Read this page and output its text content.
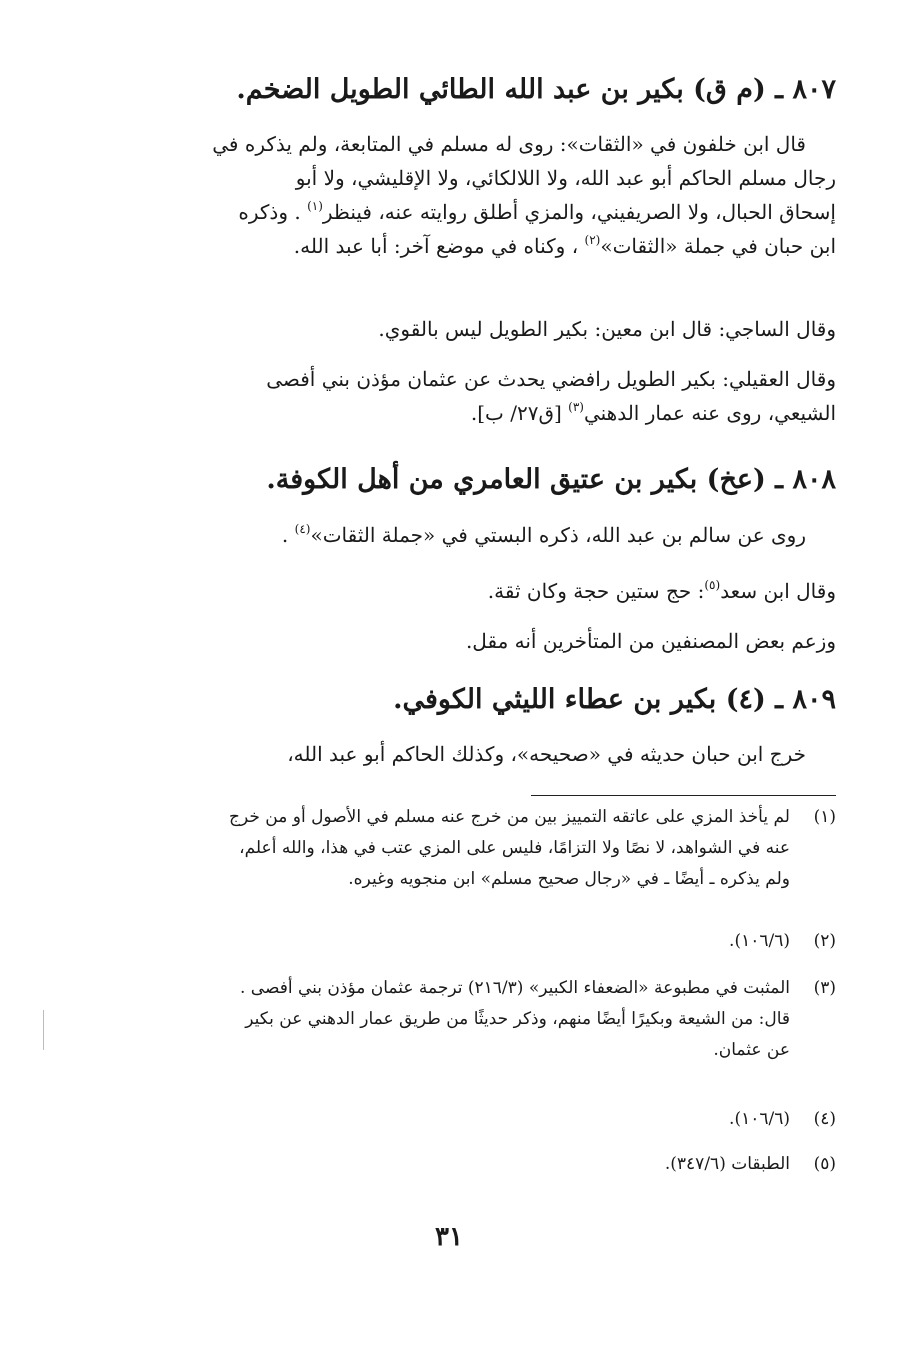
٨٠٧ ـ (م ق) بكير بن عبد الله الطائي الطويل الضخم.
قال ابن خلفون في «الثقات»: روى له مسلم في المتابعة، ولم يذكره في
رجال مسلم الحاكم أبو عبد الله، ولا اللالكائي، ولا الإقليشي، ولا أبو
إسحاق الحبال، ولا الصريفيني، والمزي أطلق روايته عنه، فينظر$^{(١)}$ . وذكره
ابن حبان في جملة «الثقات»$^{(٢)}$ ، وكناه في موضع آخر: أبا عبد الله.
وقال الساجي: قال ابن معين: بكير الطويل ليس بالقوي.
وقال العقيلي: بكير الطويل رافضي يحدث عن عثمان مؤذن بني أفصى
الشيعي، روى عنه عمار الدهني$^{(٣)}$ [ق٢٧/ ب].
٨٠٨ ـ (عخ) بكير بن عتيق العامري من أهل الكوفة.
روى عن سالم بن عبد الله، ذكره البستي في «جملة الثقات»$^{(٤)}$ .
وقال ابن سعد$^{(٥)}$: حج ستين حجة وكان ثقة.
وزعم بعض المصنفين من المتأخرين أنه مقل.
٨٠٩ ـ (٤) بكير بن عطاء الليثي الكوفي.
خرج ابن حبان حديثه في «صحيحه»، وكذلك الحاكم أبو عبد الله،
(١)
لم يأخذ المزي على عاتقه التمييز بين من خرج عنه مسلم في الأصول أو من خرج
عنه في الشواهد، لا نصًا ولا التزامًا، فليس على المزي عتب في هذا، والله أعلم،
ولم يذكره ـ أيضًا ـ في «رجال صحيح مسلم» ابن منجويه وغيره.
(٢)
(١٠٦/٦).
(٣)
المثبت في مطبوعة «الضعفاء الكبير» (٢١٦/٣) ترجمة عثمان مؤذن بني أفصى .
قال: من الشيعة وبكيرًا أيضًا منهم، وذكر حديثًا من طريق عمار الدهني عن بكير
عن عثمان.
(٤)
(١٠٦/٦).
(٥)
الطبقات (٣٤٧/٦).
٣١
